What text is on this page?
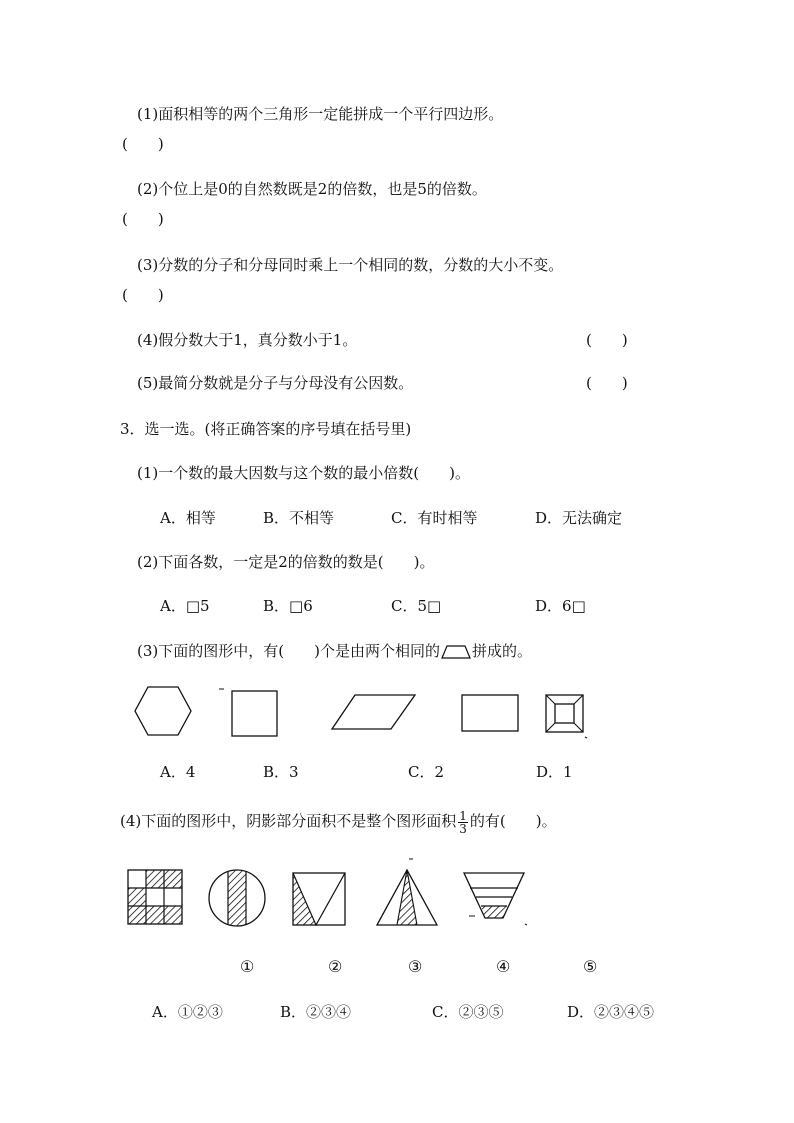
(1)面积相等的两个三角形一定能拼成一个平行四边形。
(　　)
(2)个位上是0的自然数既是2的倍数，也是5的倍数。
(　　)
(3)分数的分子和分母同时乘上一个相同的数，分数的大小不变。
(　　)
(4)假分数大于1，真分数小于1。	(　　)
(5)最简分数就是分子与分母没有公因数。	(　　)
3．选一选。(将正确答案的序号填在括号里)
(1)一个数的最大因数与这个数的最小倍数(　　)。
A．相等	B．不相等	C．有时相等	D．无法确定
(2)下面各数，一定是2的倍数的数是(　　)。
A．□5	B．□6	C．5□	D．6□
(3)下面的图形中，有(　　)个是由两个相同的 拼成的。
A．4	B．3	C．2	D．1
(4)下面的图形中，阴影部分面积不是整个图形面积 $\frac{1}{3}$ 的有(　　)。
①	②	③	④	⑤
A．①②③	B．②③④	C．②③⑤	D．②③④⑤
